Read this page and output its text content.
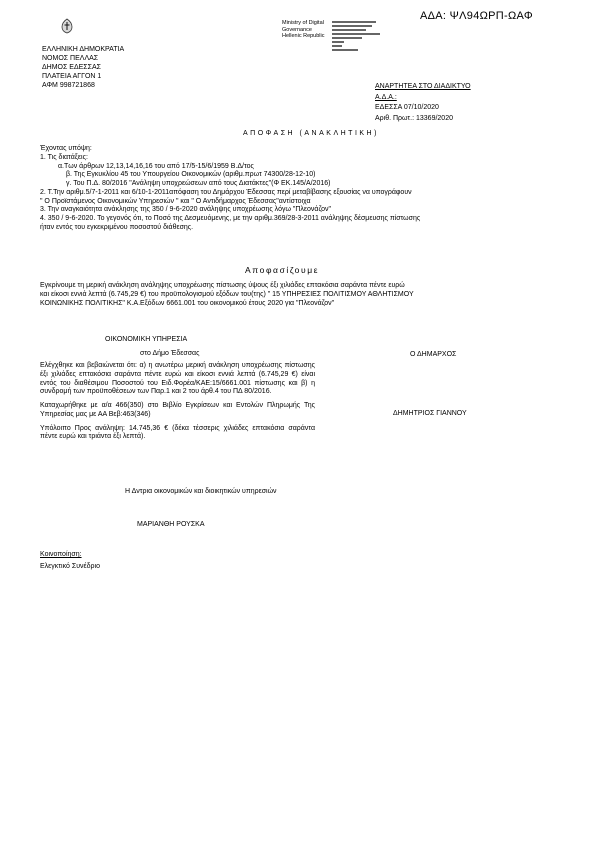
ΑΔΑ: ΨΛ94ΩΡΠ-ΩΑΦ
ΕΛΛΗΝΙΚΗ ΔΗΜΟΚΡΑΤΙΑ
ΝΟΜΟΣ ΠΕΛΛΑΣ
ΔΗΜΟΣ ΕΔΕΣΣΑΣ
ΠΛΑΤΕΙΑ ΑΓΓΟΝ 1
ΑΦΜ 998721868
Ministry of Digital
Governance
Hellenic Republic
ΑΝΑΡΤΗΤΕΑ ΣΤΟ ΔΙΑΔΙΚΤΥΟ
Α.Δ.Α.:
ΕΔΕΣΣΑ 07/10/2020
Αριθ. Πρωτ.: 13369/2020
ΑΠΟΦΑΣΗ (ΑΝΑΚΛΗΤΙΚΗ)
Έχοντας υπόψη:
1. Τις διατάξεις:
α.Των άρθρων 12,13,14,16,16 του από 17/5-15/6/1959 Β.Δ/τος
β. Της Εγκυκλίου 45 του Υπουργείου Οικονομικών (αριθμ.πρωτ 74300/28-12-10)
γ. Του Π.Δ. 80/2016 "Ανάληψη υποχρεώσεων από τους Διατάκτες"(Φ ΕΚ.145/Α/2016)
2. Τ.Την αριθμ.5/7-1-2011 και 6/10-1-2011απόφαση του Δημάρχου Έδεσσας περί μεταβίβασης εξουσίας να υπογράφουν
" Ο Προϊστάμενος Οικονομικών Υπηρεσιών " και " Ο Αντιδήμαρχος Έδεσσας"αντίστοιχα
3. Την αναγκαιότητα ανάκλησης της 350 / 9-6-2020 ανάληψης υποχρέωσης λόγω "Πλεονάζον"
4. 350 / 9-6-2020. Το γεγονός ότι, το Ποσό της Δεσμευόμενης, με την αριθμ.369/28-3-2011 ανάληψης δέσμευσης πίστωσης
ήταν εντός του εγκεκριμένου ποσοστού διάθεσης.
Αποφασίζουμε
Εγκρίνουμε τη μερική ανάκληση ανάληψης υποχρέωσης πίστωσης ύψους έξι χιλιάδες επτακόσια σαράντα πέντε ευρώ
και είκοσι εννιά λεπτά (6.745,29 €) του προϋπολογισμού εξόδων του(της) " 15 ΥΠΗΡΕΣΙΕΣ ΠΟΛΙΤΙΣΜΟΥ ΑΘΛΗΤΙΣΜΟΥ
ΚΟΙΝΩΝΙΚΗΣ ΠΟΛΙΤΙΚΗΣ" Κ.Α.Εξόδων 6661.001 του οικονομικού έτους 2020 για "Πλεονάζον"
ΟΙΚΟΝΟΜΙΚΗ ΥΠΗΡΕΣΙΑ
στο Δήμο Έδεσσας

Ελέγχθηκε και βεβαιώνεται ότι: α) η ανωτέρω μερική ανάκληση υποχρέωσης πίστωσης έξι χιλιάδες επτακόσια σαράντα πέντε ευρώ και είκοσι εννιά λεπτά (6.745,29 €) είναι εντός του διαθέσιμου Ποσοστού του Ειδ.Φορέα/ΚΑΕ:15/6661.001 πίστωσης και β) η συνδρομή των προϋποθέσεων των Παρ.1 και 2 του άρθ.4 του ΠΔ 80/2016.

Καταχωρήθηκε με α/α 466(350) στο Βιβλίο Εγκρίσεων και Εντολών Πληρωμής Της Υπηρεσίας μας με ΑΑ Βεβ:463(346)

Υπόλοιπο Προς ανάληψη: 14.745,36 € (δέκα τέσσερις χιλιάδες επτακόσια σαράντα πέντε ευρώ και τριάντα έξι λεπτά).

Ο ΔΗΜΑΡΧΟΣ
ΔΗΜΗΤΡΙΟΣ ΓΙΑΝΝΟΥ
Η Δντρια οικονομικών και διοικητικών υπηρεσιών
ΜΑΡΙΑΝΘΗ ΡΟΥΣΚΑ
Κοινοποίηση:
Ελεγκτικό Συνέδριο
